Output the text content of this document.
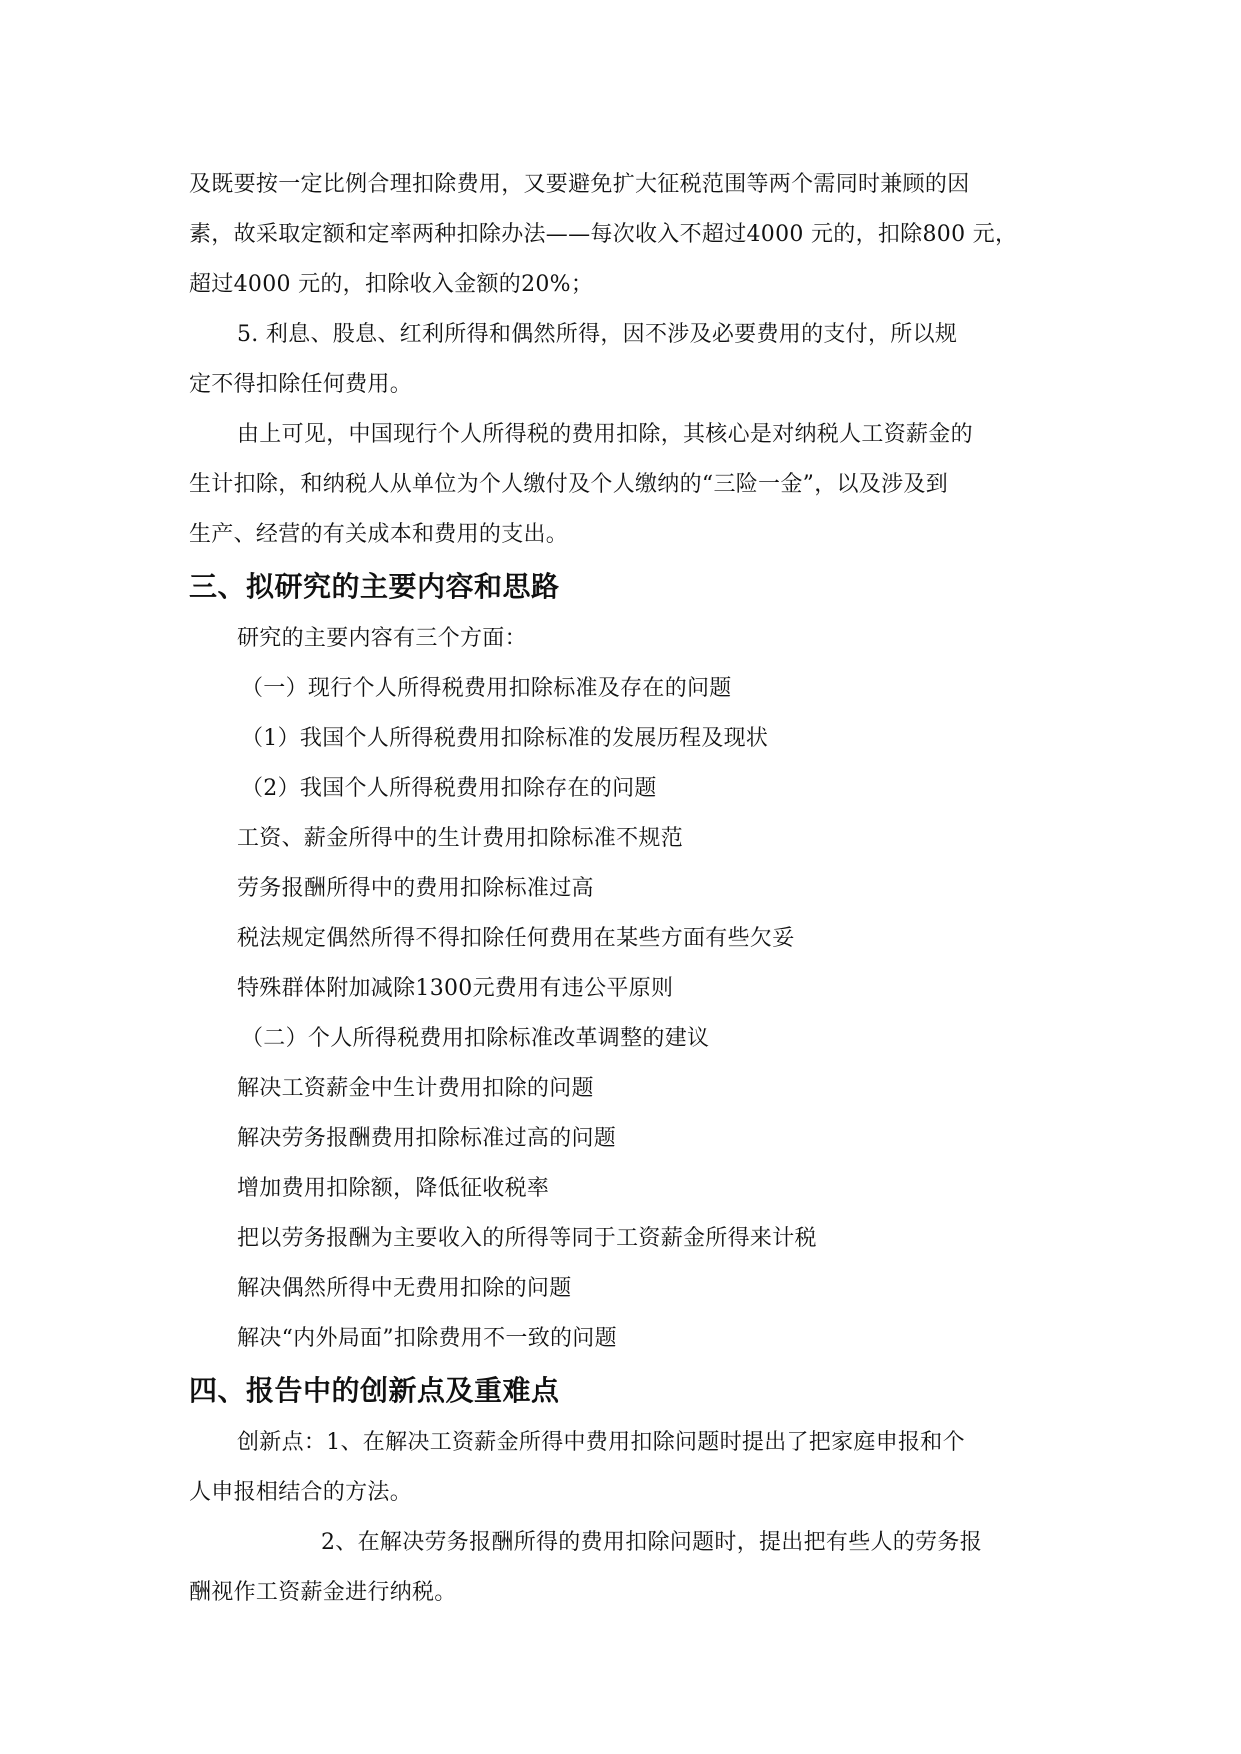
及既要按一定比例合理扣除费用，又要避免扩大征税范围等两个需同时兼顾的因
素，故采取定额和定率两种扣除办法——每次收入不超过4000 元的，扣除800 元，
超过4000 元的，扣除收入金额的20%；
5. 利息、股息、红利所得和偶然所得，因不涉及必要费用的支付，所以规
定不得扣除任何费用。
由上可见，中国现行个人所得税的费用扣除，其核心是对纳税人工资薪金的
生计扣除，和纳税人从单位为个人缴付及个人缴纳的“三险一金”，以及涉及到
生产、经营的有关成本和费用的支出。
三、拟研究的主要内容和思路
研究的主要内容有三个方面：
（一）现行个人所得税费用扣除标准及存在的问题
（1）我国个人所得税费用扣除标准的发展历程及现状
（2）我国个人所得税费用扣除存在的问题
工资、薪金所得中的生计费用扣除标准不规范
劳务报酬所得中的费用扣除标准过高
税法规定偶然所得不得扣除任何费用在某些方面有些欠妥
特殊群体附加减除1300元费用有违公平原则
（二）个人所得税费用扣除标准改革调整的建议
解决工资薪金中生计费用扣除的问题
解决劳务报酬费用扣除标准过高的问题
增加费用扣除额，降低征收税率
把以劳务报酬为主要收入的所得等同于工资薪金所得来计税
解决偶然所得中无费用扣除的问题
解决“内外局面”扣除费用不一致的问题
四、报告中的创新点及重难点
创新点：1、在解决工资薪金所得中费用扣除问题时提出了把家庭申报和个
人申报相结合的方法。
2、在解决劳务报酬所得的费用扣除问题时，提出把有些人的劳务报
酬视作工资薪金进行纳税。
